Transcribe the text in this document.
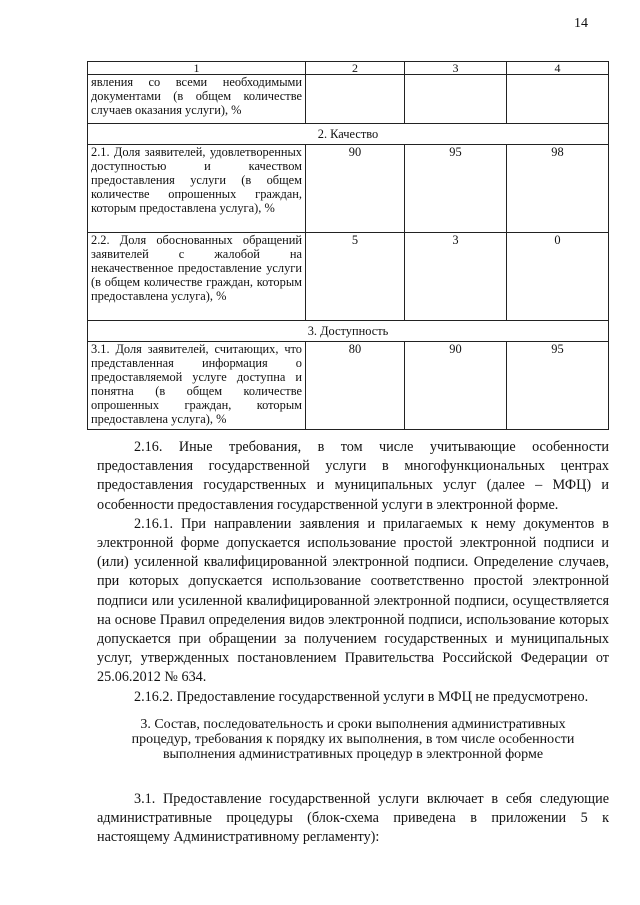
14
1	2	3	4
явления со всеми необходимыми документами (в общем количестве случаев оказания услуги), %			
2. Качество			
2.1. Доля заявителей, удовлетворенных доступностью и качеством предоставления услуги (в общем количестве опрошенных граждан, которым предоставлена услуга), %	90	95	98
2.2. Доля обоснованных обращений заявителей с жалобой на некачественное предоставление услуги (в общем количестве граждан, которым предоставлена услуга), %	5	3	0
3. Доступность			
3.1. Доля заявителей, считающих, что представленная информация о предоставляемой услуге доступна и понятна (в общем количестве опрошенных граждан, которым предоставлена услуга), %	80	90	95

2.16. Иные требования, в том числе учитывающие особенности предоставления государственной услуги в многофункциональных центрах предоставления государственных и муниципальных услуг (далее – МФЦ) и особенности предоставления государственной услуги в электронной форме.

2.16.1. При направлении заявления и прилагаемых к нему документов в электронной форме допускается использование простой электронной подписи и (или) усиленной квалифицированной электронной подписи. Определение случаев, при которых допускается использование соответственно простой электронной подписи или усиленной квалифицированной электронной подписи, осуществляется на основе Правил определения видов электронной подписи, использование которых допускается при обращении за получением государственных и муниципальных услуг, утвержденных постановлением Правительства Российской Федерации от 25.06.2012 № 634.

2.16.2. Предоставление государственной услуги в МФЦ не предусмотрено.

3. Состав, последовательность и сроки выполнения административных процедур, требования к порядку их выполнения, в том числе особенности выполнения административных процедур в электронной форме

3.1. Предоставление государственной услуги включает в себя следующие административные процедуры (блок-схема приведена в приложении 5 к настоящему Административному регламенту):
